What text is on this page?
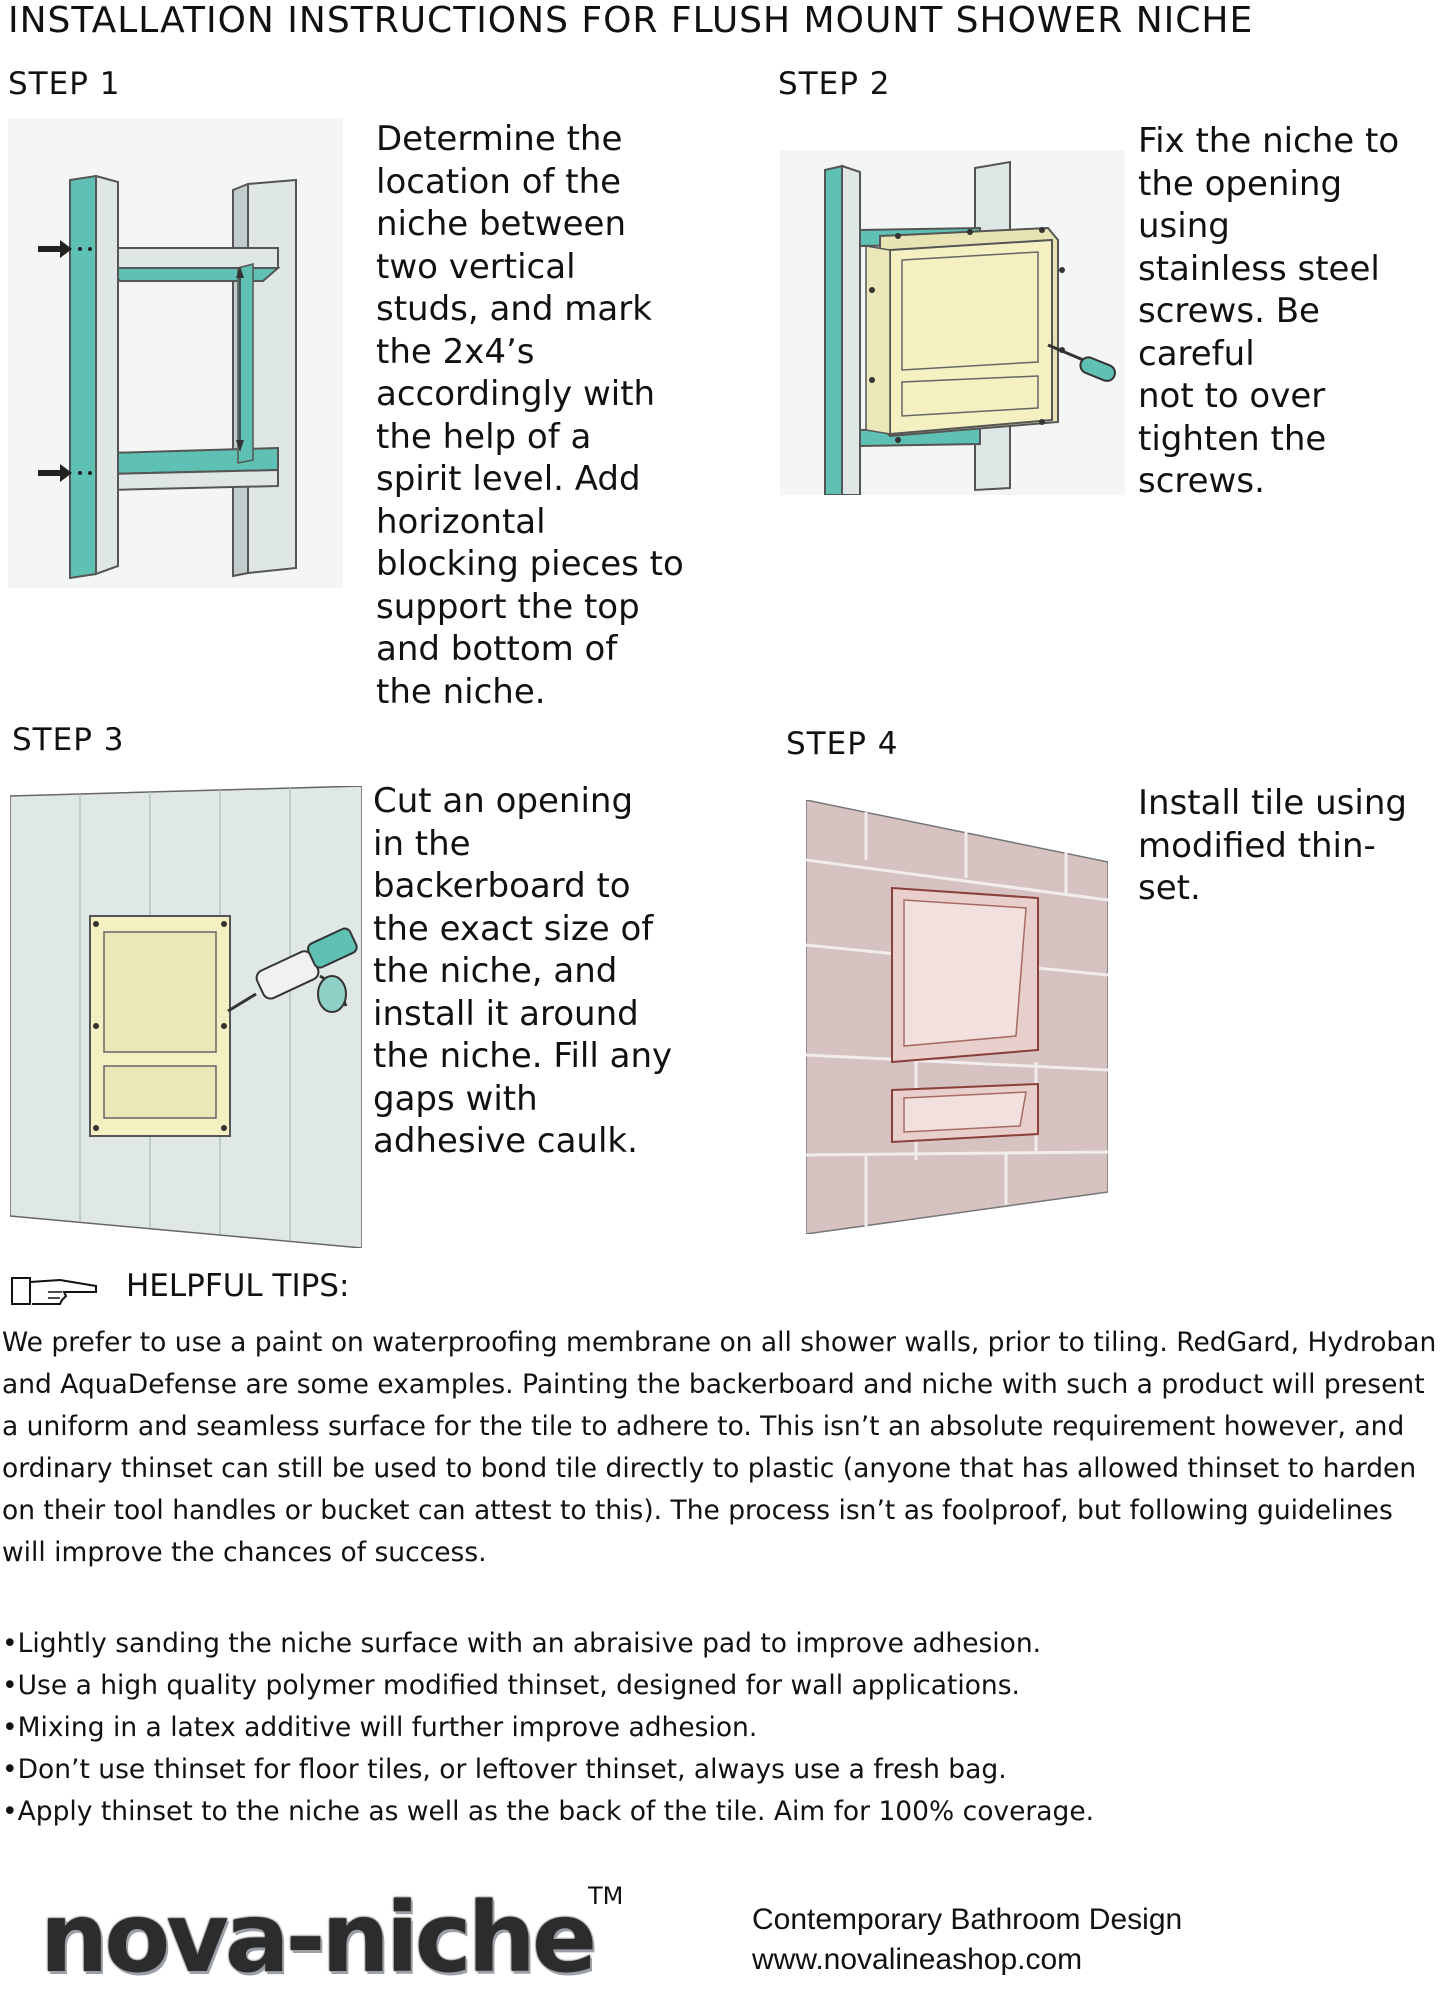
INSTALLATION INSTRUCTIONS FOR FLUSH MOUNT SHOWER NICHE
STEP 1
Determine the
location of the
niche between
two vertical
studs, and mark
the 2x4’s
accordingly with
the help of a
spirit level. Add
horizontal
blocking pieces to
support the top
and bottom of
the niche.
STEP 2
Fix the niche to
the opening using
stainless steel
screws. Be careful
not to over
tighten the
screws.
STEP 3
Cut an opening
in the
backerboard to
the exact size of
the niche, and
install it around
the niche. Fill any
gaps with
adhesive caulk.
STEP 4
Install tile using
modified thin-
set.
HELPFUL TIPS:
We prefer to use a paint on waterproofing membrane on all shower walls, prior to tiling. RedGard, Hydroban and AquaDefense are some examples. Painting the backerboard and niche with such a product will present a uniform and seamless surface for the tile to adhere to. This isn’t an absolute requirement however, and ordinary thinset can still be used to bond tile directly to plastic (anyone that has allowed thinset to harden on their tool handles or bucket can attest to this). The process isn’t as foolproof, but following guidelines will improve the chances of success.
• Lightly sanding the niche surface with an abraisive pad to improve adhesion.
• Use a high quality polymer modified thinset, designed for wall applications.
• Mixing in a latex additive will further improve adhesion.
• Don’t use thinset for floor tiles, or leftover thinset, always use a fresh bag.
• Apply thinset to the niche as well as the back of the tile. Aim for 100% coverage.
nova-niche
TM
Contemporary Bathroom Design
www.novalineashop.com
